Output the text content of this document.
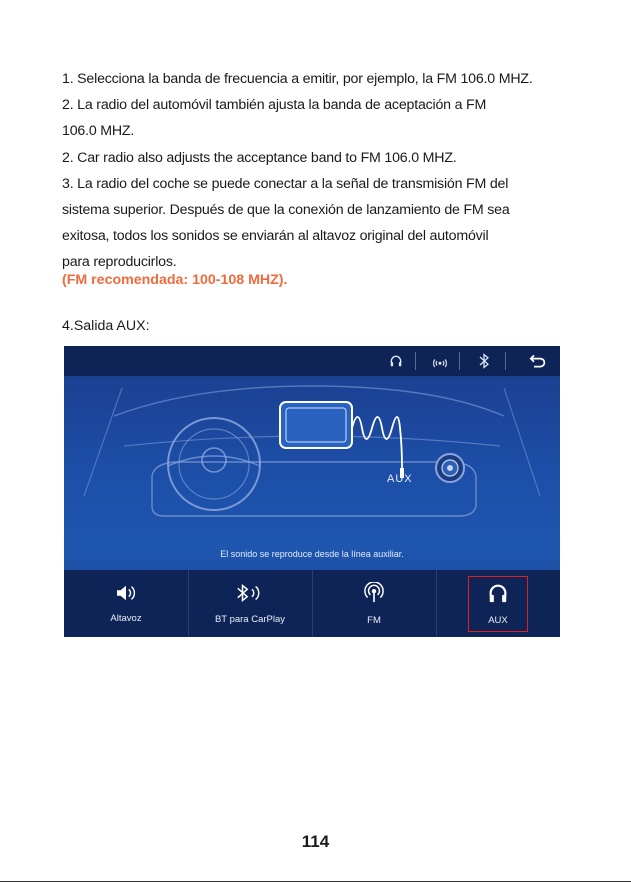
1. Selecciona la banda de frecuencia a emitir, por ejemplo, la FM 106.0 MHZ.
2. La radio del automóvil también ajusta la banda de aceptación a FM
106.0 MHZ.
2. Car radio also adjusts the acceptance band to FM 106.0 MHZ.
3. La radio del coche se puede conectar a la señal de transmisión FM del
sistema superior. Después de que la conexión de lanzamiento de FM sea
exitosa, todos los sonidos se enviarán al altavoz original del automóvil
para reproducirlos.
(FM recomendada: 100-108 MHZ).
4.Salida AUX:
AUX
El sonido se reproduce desde la línea auxiliar.
Altavoz	BT para CarPlay	FM	AUX
114
